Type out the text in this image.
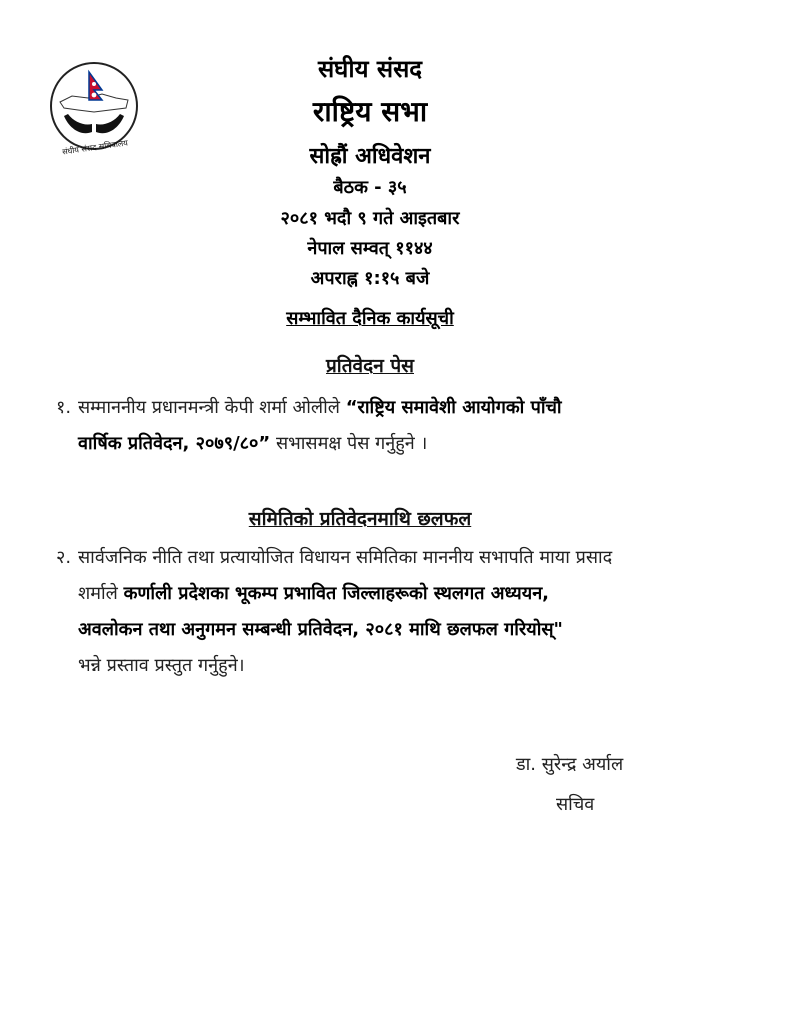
संघीय संसद सचिवालय
संघीय संसद
राष्ट्रिय सभा
सोह्रौं अधिवेशन
बैठक - ३५
२०८१ भदौ ९ गते आइतबार
नेपाल सम्वत् ११४४
अपराह्न १:१५ बजे
सम्भावित दैनिक कार्यसूची
प्रतिवेदन पेस
१. सम्माननीय प्रधानमन्त्री केपी शर्मा ओलीले “राष्ट्रिय समावेशी आयोगको पाँचौ
वार्षिक प्रतिवेदन, २०७९/८०” सभासमक्ष पेस गर्नुहुने ।
समितिको प्रतिवेदनमाथि छलफल
२. सार्वजनिक नीति तथा प्रत्यायोजित विधायन समितिका माननीय सभापति माया प्रसाद
शर्माले कर्णाली प्रदेशका भूकम्प प्रभावित जिल्लाहरूको स्थलगत अध्ययन,
अवलोकन तथा अनुगमन सम्बन्धी प्रतिवेदन, २०८१ माथि छलफल गरियोस्"
भन्ने प्रस्ताव प्रस्तुत गर्नुहुने।
डा. सुरेन्द्र अर्याल
सचिव
